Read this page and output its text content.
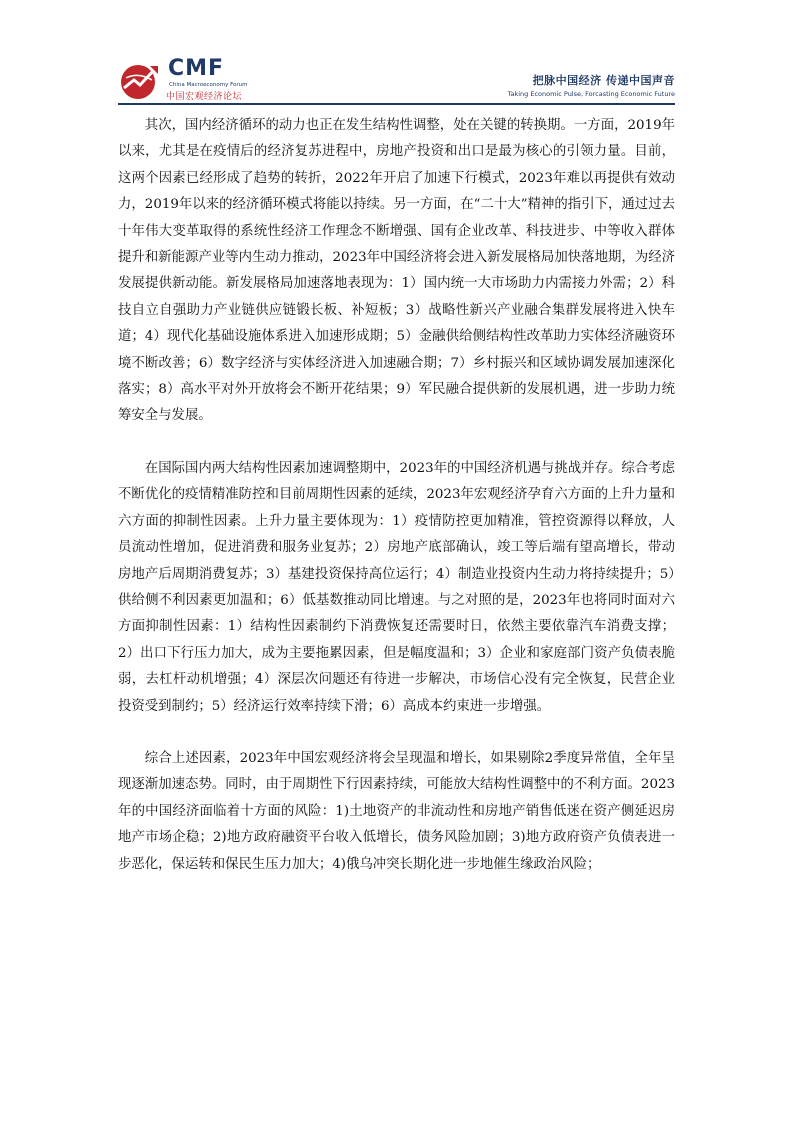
CMF
China Macroeconomy Forum
中国宏观经济论坛
把脉中国经济 传递中国声音
Taking Economic Pulse, Forcasting Economic Future

其次，国内经济循环的动力也正在发生结构性调整，处在关键的转换期。一方面，2019年以来，尤其是在疫情后的经济复苏进程中，房地产投资和出口是最为核心的引领力量。目前，这两个因素已经形成了趋势的转折，2022年开启了加速下行模式，2023年难以再提供有效动力，2019年以来的经济循环模式将能以持续。另一方面，在“二十大”精神的指引下，通过过去十年伟大变革取得的系统性经济工作理念不断增强、国有企业改革、科技进步、中等收入群体提升和新能源产业等内生动力推动，2023年中国经济将会进入新发展格局加快落地期，为经济发展提供新动能。新发展格局加速落地表现为：1）国内统一大市场助力内需接力外需；2）科技自立自强助力产业链供应链锻长板、补短板；3）战略性新兴产业融合集群发展将进入快车道；4）现代化基础设施体系进入加速形成期；5）金融供给侧结构性改革助力实体经济融资环境不断改善；6）数字经济与实体经济进入加速融合期；7）乡村振兴和区域协调发展加速深化落实；8）高水平对外开放将会不断开花结果；9）军民融合提供新的发展机遇，进一步助力统筹安全与发展。

在国际国内两大结构性因素加速调整期中，2023年的中国经济机遇与挑战并存。综合考虑不断优化的疫情精准防控和目前周期性因素的延续，2023年宏观经济孕育六方面的上升力量和六方面的抑制性因素。上升力量主要体现为：1）疫情防控更加精准，管控资源得以释放，人员流动性增加，促进消费和服务业复苏；2）房地产底部确认，竣工等后端有望高增长，带动房地产后周期消费复苏；3）基建投资保持高位运行；4）制造业投资内生动力将持续提升；5）供给侧不利因素更加温和；6）低基数推动同比增速。与之对照的是，2023年也将同时面对六方面抑制性因素：1）结构性因素制约下消费恢复还需要时日，依然主要依靠汽车消费支撑；2）出口下行压力加大，成为主要拖累因素，但是幅度温和；3）企业和家庭部门资产负债表脆弱，去杠杆动机增强；4）深层次问题还有待进一步解决，市场信心没有完全恢复，民营企业投资受到制约；5）经济运行效率持续下滑；6）高成本约束进一步增强。

综合上述因素，2023年中国宏观经济将会呈现温和增长，如果剔除2季度异常值，全年呈现逐渐加速态势。同时，由于周期性下行因素持续，可能放大结构性调整中的不利方面。2023年的中国经济面临着十方面的风险：1)土地资产的非流动性和房地产销售低迷在资产侧延迟房地产市场企稳；2)地方政府融资平台收入低增长，债务风险加剧；3)地方政府资产负债表进一步恶化，保运转和保民生压力加大；4)俄乌冲突长期化进一步地催生缘政治风险；
